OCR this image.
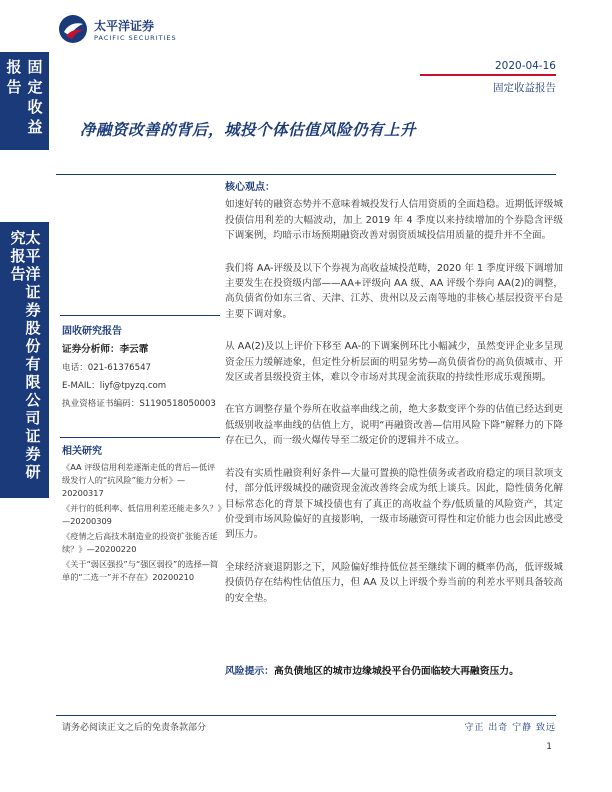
固定收益报告
太平洋证券股份有限公司证券研究报告
太平洋证券
PACIFIC SECURITIES
2020-04-16
固定收益报告
净融资改善的背后，城投个体估值风险仍有上升
核心观点：

如速好转的融资态势并不意味着城投发行人信用资质的全面趋稳。近期低评级城投债信用利差的大幅波动，加上 2019 年 4 季度以来持续增加的个券隐含评级下调案例，均暗示市场预期融资改善对弱资质城投信用质量的提升并不全面。

我们将 AA-评级及以下个券视为高收益城投范畴，2020 年 1 季度评级下调增加主要发生在投资级内部——AA+评级向 AA 级、AA 评级个券向 AA(2)的调整，高负债省份如东三省、天津、江苏、贵州以及云南等地的非核心基层投资平台是主要下调对象。

从 AA(2)及以上评价下移至 AA-的下调案例环比小幅减少，虽然变评企业多呈现资金压力缓解迹象，但定性分析层面的明显劣势—高负债省份的高负债城市、开发区或者县级投资主体，难以令市场对其现金流获取的持续性形成乐观预期。

在官方调整存量个券所在收益率曲线之前，绝大多数变评个券的估值已经达到更低级别收益率曲线的估值上方，说明“再融资改善—信用风险下降”解释力的下降存在已久，而一级火爆传导至二级定价的逻辑并不成立。

若没有实质性融资利好条件—大量可置换的隐性债务或者政府稳定的项目款项支付，部分低评级城投的融资现金流改善终会成为纸上谈兵。因此，隐性债务化解目标常态化的背景下城投债也有了真正的高收益个券/低质量的风险资产，其定价受到市场风险偏好的直接影响，一级市场融资可得性和定价能力也会因此感受到压力。

全球经济衰退阴影之下，风险偏好维持低位甚至继续下调的概率仍高，低评级城投债仍存在结构性估值压力，但 AA 及以上评级个券当前的利差水平则具备较高的安全垫。

风险提示：高负债地区的城市边缘城投平台仍面临较大再融资压力。
固收研究报告
证券分析师：李云霏
电话：021-61376547
E-MAIL：liyf@tpyzq.com
执业资格证书编码：S1190518050003
相关研究
《AA 评级信用利差逐渐走低的背后—低评级发行人的“抗风险”能力分析》—20200317
《并行的低利率、低信用利差还能走多久？》—20200309
《疫情之后高技术制造业的投资扩张能否延续？》—20200220
《关于“弱区强投”与“强区弱投”的选择—简单的“二选一”并不存在》20200210
请务必阅读正文之后的免责条款部分	守正 出奇 宁静 致远
1
